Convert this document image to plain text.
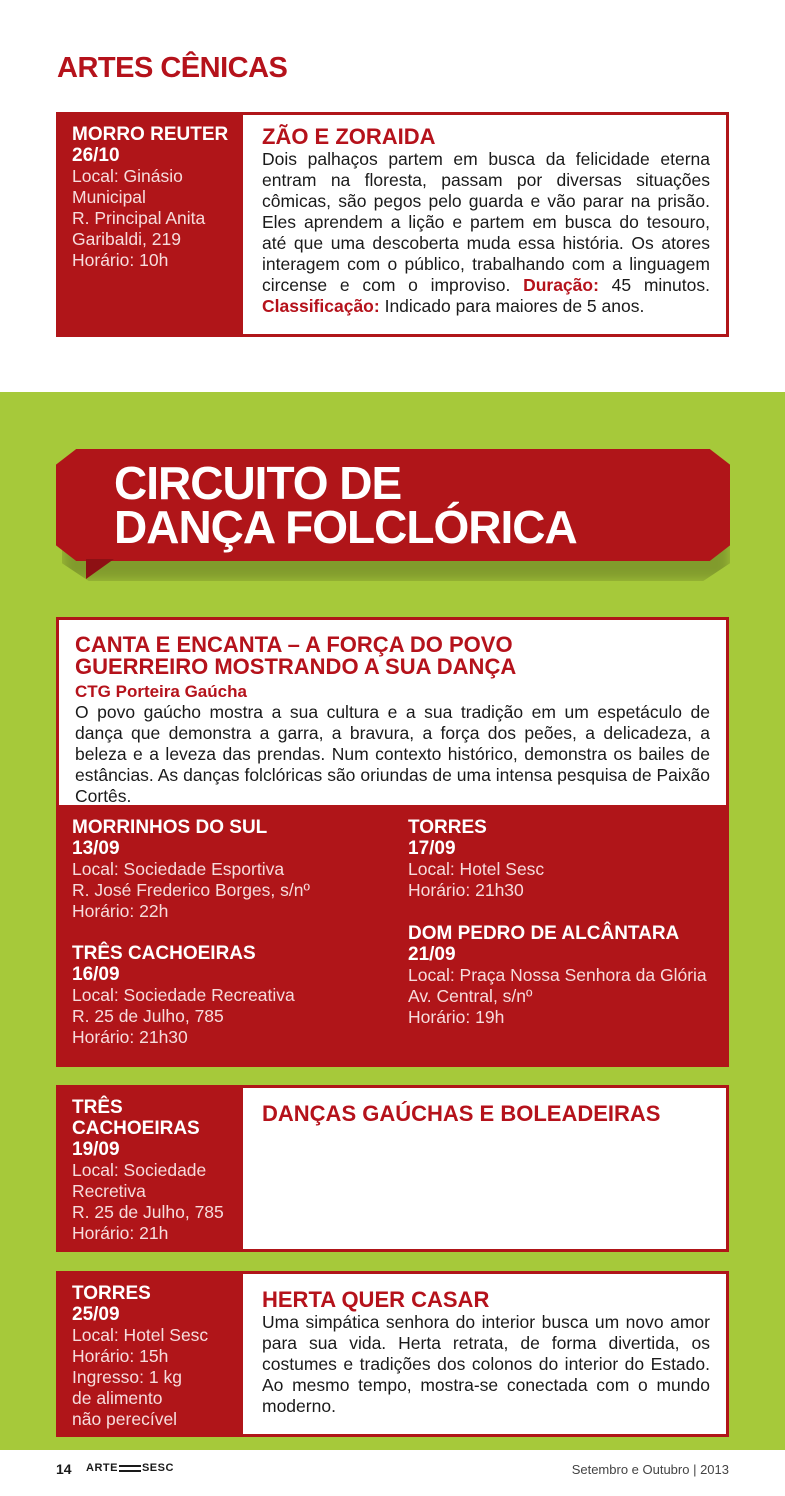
ARTES CÊNICAS
MORRO REUTER
26/10
Local: Ginásio
Municipal
R. Principal Anita
Garibaldi, 219
Horário: 10h
ZÃO E ZORAIDA

Dois palhaços partem em busca da felicidade eterna entram na floresta, passam por diversas situações cômicas, são pegos pelo guarda e vão parar na prisão. Eles aprendem a lição e partem em busca do tesouro, até que uma descoberta muda essa história. Os atores interagem com o público, trabalhando com a linguagem circense e com o improviso. Duração: 45 minutos. Classificação: Indicado para maiores de 5 anos.

CIRCUITO DE
DANÇA FOLCLÓRICA
CANTA E ENCANTA – A FORÇA DO POVO
GUERREIRO MOSTRANDO A SUA DANÇA
CTG Porteira Gaúcha

O povo gaúcho mostra a sua cultura e a sua tradição em um espetáculo de dança que demonstra a garra, a bravura, a força dos peões, a delicadeza, a beleza e a leveza das prendas. Num contexto histórico, demonstra os bailes de estâncias. As danças folclóricas são oriundas de uma intensa pesquisa de Paixão Cortês.

MORRINHOS DO SUL
13/09
Local: Sociedade Esportiva
R. José Frederico Borges, s/nº
Horário: 22h
TRÊS CACHOEIRAS
16/09
Local: Sociedade Recreativa
R. 25 de Julho, 785
Horário: 21h30
TORRES
17/09
Local: Hotel Sesc
Horário: 21h30
DOM PEDRO DE ALCÂNTARA
21/09
Local: Praça Nossa Senhora da Glória
Av. Central, s/nº
Horário: 19h
TRÊS
CACHOEIRAS
19/09
Local: Sociedade
Recretiva
R. 25 de Julho, 785
Horário: 21h
DANÇAS GAÚCHAS E BOLEADEIRAS
TORRES
25/09
Local: Hotel Sesc
Horário: 15h
Ingresso: 1 kg
de alimento
não perecível
HERTA QUER CASAR

Uma simpática senhora do interior busca um novo amor para sua vida. Herta retrata, de forma divertida, os costumes e tradições dos colonos do interior do Estado. Ao mesmo tempo, mostra-se conectada com o mundo moderno.

14 ARTE SESC	Setembro e Outubro | 2013
